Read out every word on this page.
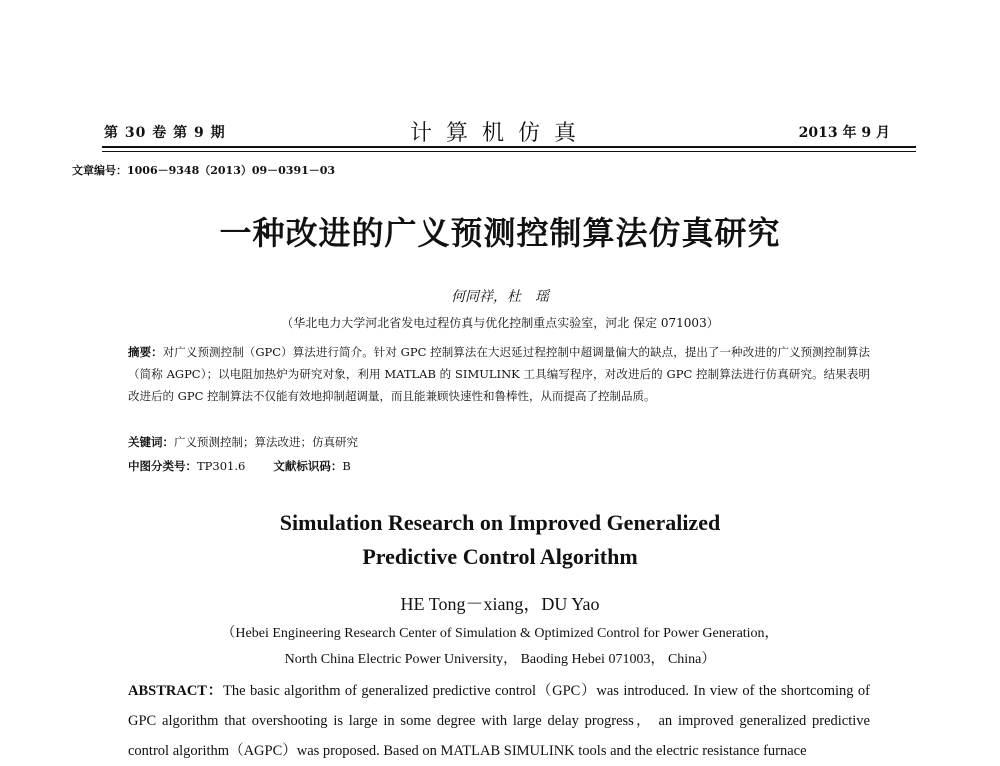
第 30 卷 第 9 期	计算机仿真	2013 年 9 月
文章编号：1006－9348（2013）09－0391－03
一种改进的广义预测控制算法仿真研究
何同祥，杜　瑶
（华北电力大学河北省发电过程仿真与优化控制重点实验室，河北 保定 071003）
摘要：对广义预测控制（GPC）算法进行简介。针对 GPC 控制算法在大迟延过程控制中超调量偏大的缺点，提出了一种改进的广义预测控制算法（简称 AGPC）；以电阻加热炉为研究对象，利用 MATLAB 的 SIMULINK 工具编写程序，对改进后的 GPC 控制算法进行仿真研究。结果表明改进后的 GPC 控制算法不仅能有效地抑制超调量，而且能兼顾快速性和鲁棒性，从而提高了控制品质。
关键词：广义预测控制；算法改进；仿真研究
中图分类号：TP301.6 文献标识码：B
Simulation Research on Improved Generalized
Predictive Control Algorithm
HE Tong－xiang，DU Yao
（Hebei Engineering Research Center of Simulation & Optimized Control for Power Generation，
North China Electric Power University， Baoding Hebei 071003， China）
ABSTRACT：The basic algorithm of generalized predictive control（GPC）was introduced. In view of the shortcoming of GPC algorithm that overshooting is large in some degree with large delay progress， an improved generalized predictive control algorithm（AGPC）was proposed. Based on MATLAB SIMULINK tools and the electric resistance furnace
